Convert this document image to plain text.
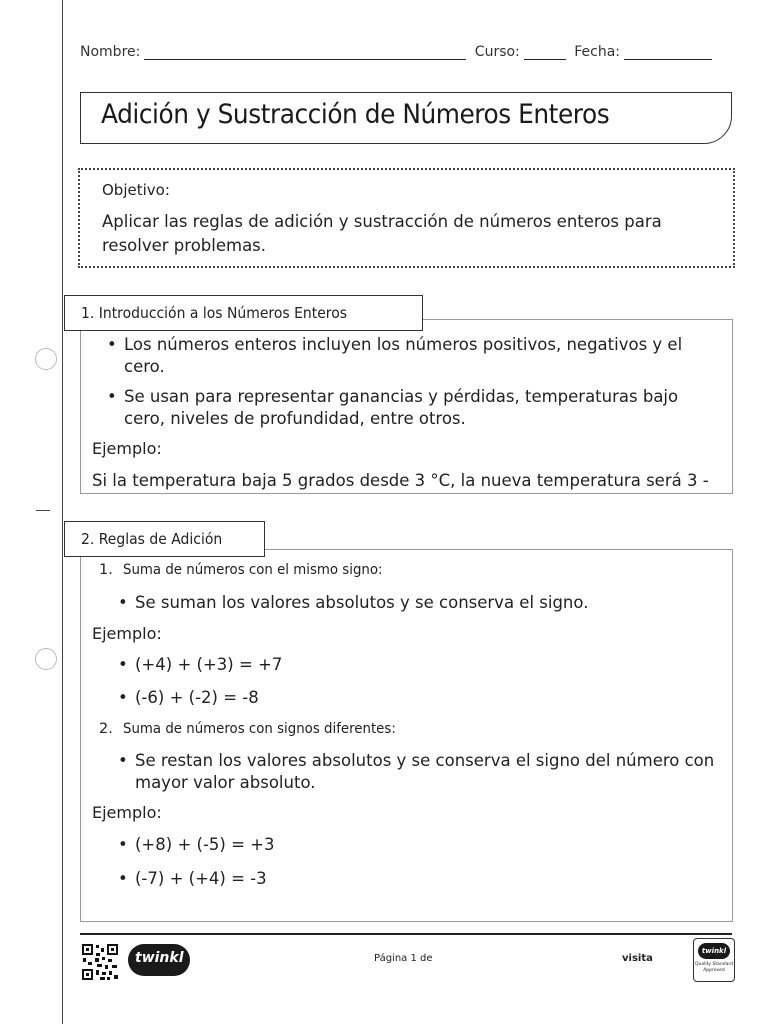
Nombre:	Curso:	Fecha:
Adición y Sustracción de Números Enteros
Objetivo:
Aplicar las reglas de adición y sustracción de números enteros para resolver problemas.
• Los números enteros incluyen los números positivos, negativos y el cero.
• Se usan para representar ganancias y pérdidas, temperaturas bajo cero, niveles de profundidad, entre otros.
Ejemplo:
Si la temperatura baja 5 grados desde 3 °C, la nueva temperatura será 3 -
1. Introducción a los Números Enteros
1. Suma de números con el mismo signo:
• Se suman los valores absolutos y se conserva el signo.
Ejemplo:
• (+4) + (+3) = +7
• (-6) + (-2) = -8
2. Suma de números con signos diferentes:
• Se restan los valores absolutos y se conserva el signo del número con mayor valor absoluto.
Ejemplo:
• (+8) + (-5) = +3
• (-7) + (+4) = -3
2. Reglas de Adición
twinkl	Página 1 de	visita
twinkl
Quality Standard Approved
